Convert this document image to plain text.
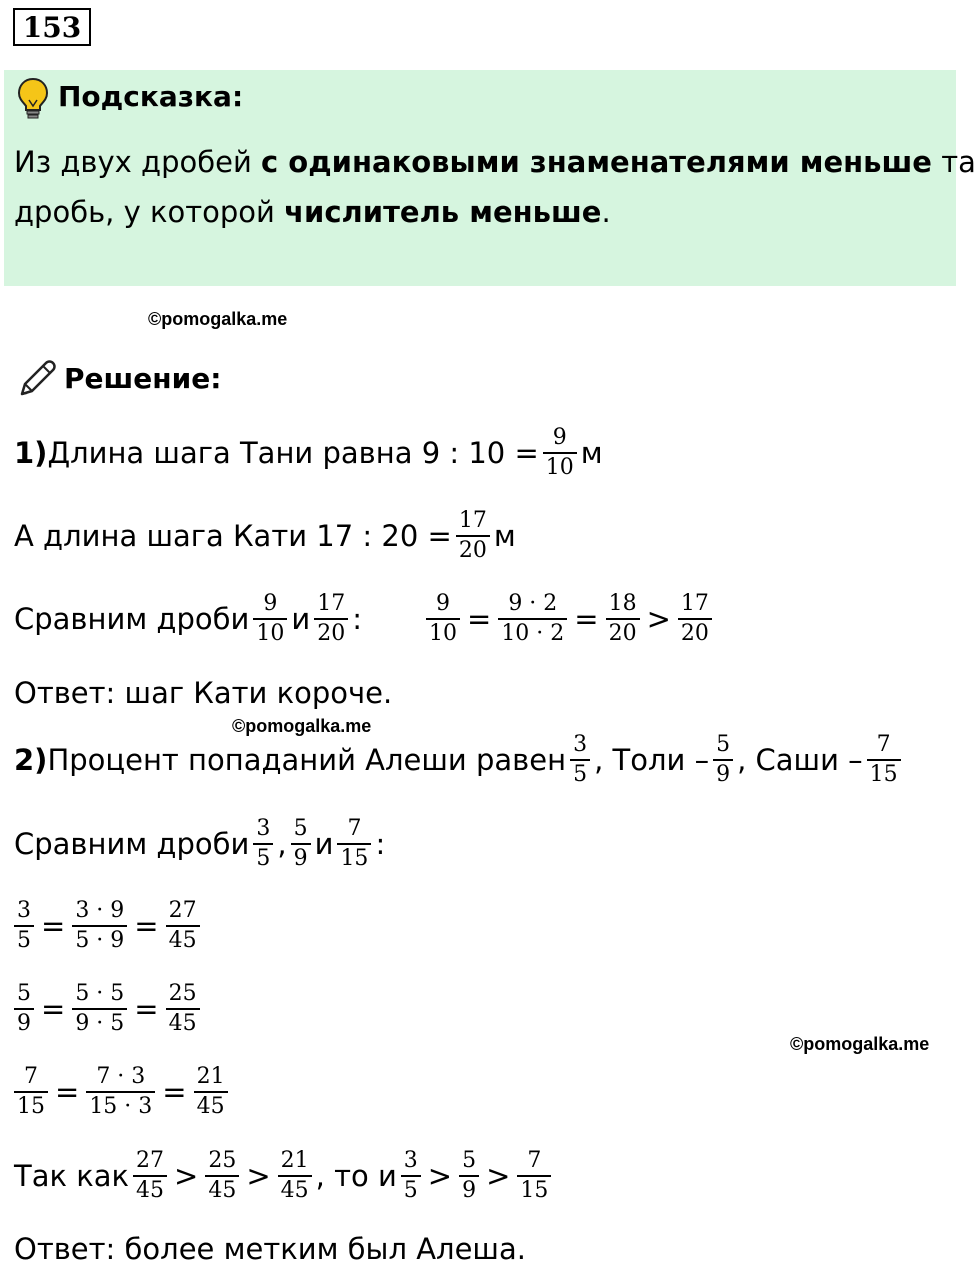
153
Подсказка:
Из двух дробей с одинаковыми знаменателями меньше та
дробь, у которой числитель меньше.
©pomogalka.me
©pomogalka.me
©pomogalka.me
Решение:
1) Длина шага Тани равна 9 : $10 = \frac{9}{10}$ м
А длина шага Кати 17 : $20 = \frac{17}{20}$ м
Сравним дроби $\frac{9}{10}$ и $\frac{17}{20}$ :	$\frac{9}{10} = \frac{9 \cdot 2}{10 \cdot 2} = \frac{18}{20} > \frac{17}{20}$
Ответ: шаг Кати короче.
2) Процент попаданий Алеши равен $\frac{3}{5}$ , Толи – $\frac{5}{9}$ , Саши – $\frac{7}{15}$
Сравним дроби $\frac{3}{5}$ , $\frac{5}{9}$ и $\frac{7}{15}$ :
$\frac{3}{5} = \frac{3 \cdot 9}{5 \cdot 9} = \frac{27}{45}$
$\frac{5}{9} = \frac{5 \cdot 5}{9 \cdot 5} = \frac{25}{45}$
$\frac{7}{15} = \frac{7 \cdot 3}{15 \cdot 3} = \frac{21}{45}$
Так как $\frac{27}{45} > \frac{25}{45} > \frac{21}{45}$ , то и $\frac{3}{5} > \frac{5}{9} > \frac{7}{15}$
Ответ: более метким был Алеша.
